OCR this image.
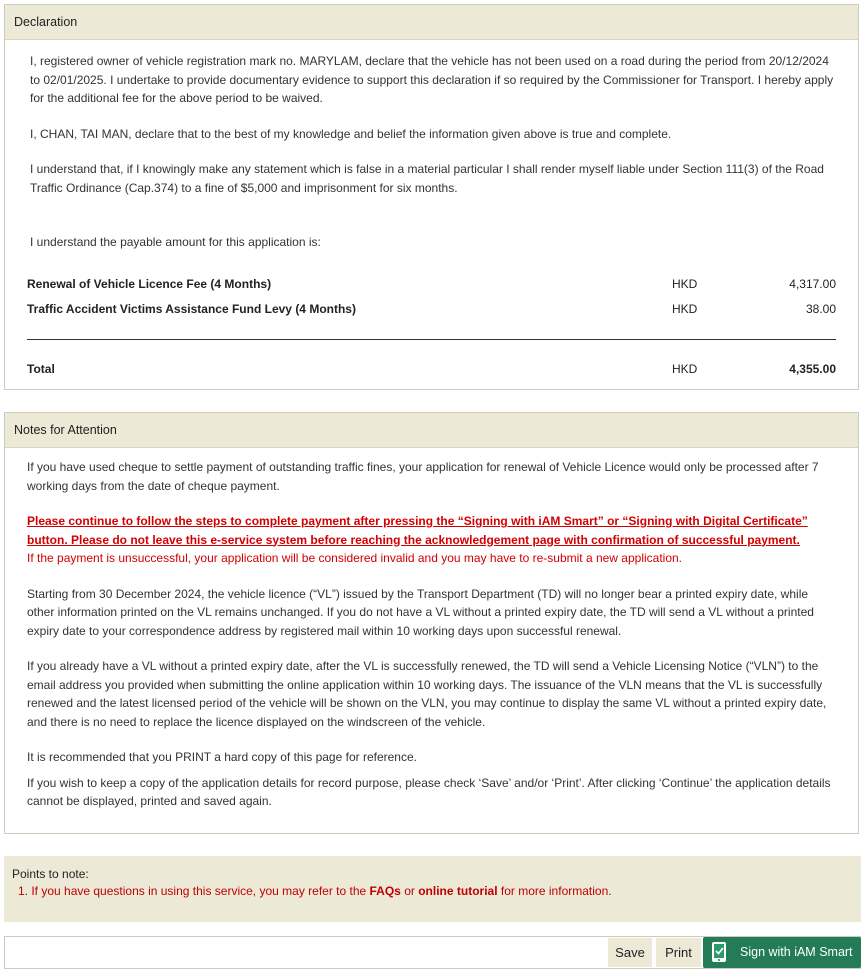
Declaration

I, registered owner of vehicle registration mark no. MARYLAM, declare that the vehicle has not been used on a road during the period from 20/12/2024 to 02/01/2025. I undertake to provide documentary evidence to support this declaration if so required by the Commissioner for Transport. I hereby apply for the additional fee for the above period to be waived.

I, CHAN, TAI MAN, declare that to the best of my knowledge and belief the information given above is true and complete.

I understand that, if I knowingly make any statement which is false in a material particular I shall render myself liable under Section 111(3) of the Road Traffic Ordinance (Cap.374) to a fine of $5,000 and imprisonment for six months.

I understand the payable amount for this application is:

Renewal of Vehicle Licence Fee (4 Months)	HKD	4,317.00
Traffic Accident Victims Assistance Fund Levy (4 Months)	HKD	38.00
Total	HKD	4,355.00
Notes for Attention

If you have used cheque to settle payment of outstanding traffic fines, your application for renewal of Vehicle Licence would only be processed after 7 working days from the date of cheque payment.

Please continue to follow the steps to complete payment after pressing the “Signing with iAM Smart” or “Signing with Digital Certificate” button. Please do not leave this e-service system before reaching the acknowledgement page with confirmation of successful payment.

If the payment is unsuccessful, your application will be considered invalid and you may have to re-submit a new application.

Starting from 30 December 2024, the vehicle licence (“VL”) issued by the Transport Department (TD) will no longer bear a printed expiry date, while other information printed on the VL remains unchanged. If you do not have a VL without a printed expiry date, the TD will send a VL without a printed expiry date to your correspondence address by registered mail within 10 working days upon successful renewal.

If you already have a VL without a printed expiry date, after the VL is successfully renewed, the TD will send a Vehicle Licensing Notice (“VLN”) to the email address you provided when submitting the online application within 10 working days. The issuance of the VLN means that the VL is successfully renewed and the latest licensed period of the vehicle will be shown on the VLN, you may continue to display the same VL without a printed expiry date, and there is no need to replace the licence displayed on the windscreen of the vehicle.

It is recommended that you PRINT a hard copy of this page for reference.

If you wish to keep a copy of the application details for record purpose, please check ‘Save’ and/or ‘Print’. After clicking ‘Continue’ the application details cannot be displayed, printed and saved again.

Points to note:
1. If you have questions in using this service, you may refer to the FAQs or online tutorial for more information.
Save	Print	Sign with iAM Smart
